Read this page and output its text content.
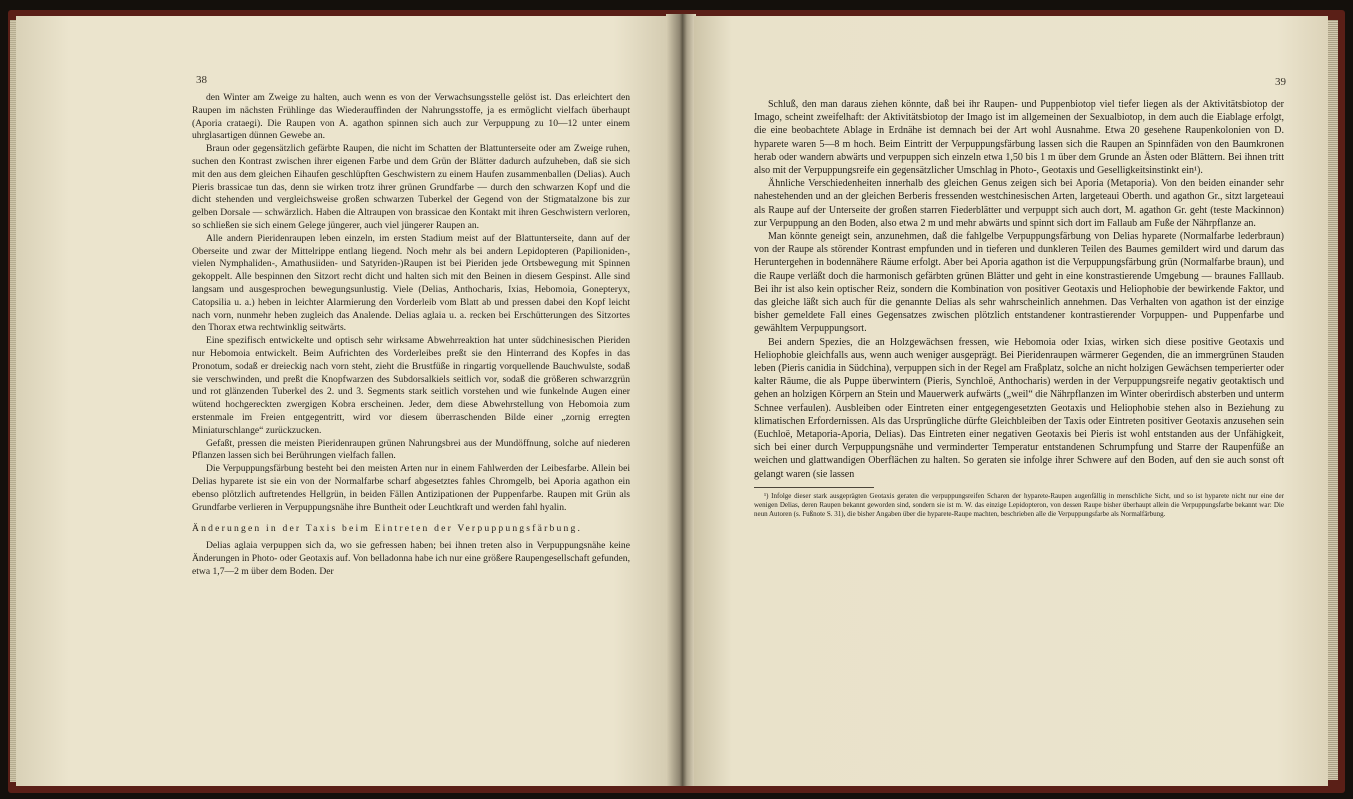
38

den Winter am Zweige zu halten, auch wenn es von der Verwachsungsstelle gelöst ist. Das erleichtert den Raupen im nächsten Frühlinge das Wiederauffinden der Nahrungsstoffe, ja es ermöglicht vielfach überhaupt (Aporia crataegi). Die Raupen von A. agathon spinnen sich auch zur Verpuppung zu 10—12 unter einem uhrglasartigen dünnen Gewebe an.

Braun oder gegensätzlich gefärbte Raupen, die nicht im Schatten der Blattunterseite oder am Zweige ruhen, suchen den Kontrast zwischen ihrer eigenen Farbe und dem Grün der Blätter dadurch aufzuheben, daß sie sich mit den aus dem gleichen Eihaufen geschlüpften Geschwistern zu einem Haufen zusammenballen (Delias). Auch Pieris brassicae tun das, denn sie wirken trotz ihrer grünen Grundfarbe — durch den schwarzen Kopf und die dicht stehenden und vergleichsweise großen schwarzen Tuberkel der Gegend von der Stigmatalzone bis zur gelben Dorsale — schwärzlich. Haben die Altraupen von brassicae den Kontakt mit ihren Geschwistern verloren, so schließen sie sich einem Gelege jüngerer, auch viel jüngerer Raupen an.

Alle andern Pieridenraupen leben einzeln, im ersten Stadium meist auf der Blattunterseite, dann auf der Oberseite und zwar der Mittelrippe entlang liegend. Noch mehr als bei andern Lepidopteren (Papilioniden-, vielen Nymphaliden-, Amathusiiden- und Satyriden-)Raupen ist bei Pieriden jede Ortsbewegung mit Spinnen gekoppelt. Alle bespinnen den Sitzort recht dicht und halten sich mit den Beinen in diesem Gespinst. Alle sind langsam und ausgesprochen bewegungsunlustig. Viele (Delias, Anthocharis, Ixias, Hebomoia, Gonepteryx, Catopsilia u. a.) heben in leichter Alarmierung den Vorderleib vom Blatt ab und pressen dabei den Kopf leicht nach vorn, nunmehr heben zugleich das Analende. Delias aglaia u. a. recken bei Erschütterungen des Sitzortes den Thorax etwa rechtwinklig seitwärts.

Eine spezifisch entwickelte und optisch sehr wirksame Abwehrreaktion hat unter südchinesischen Pieriden nur Hebomoia entwickelt. Beim Aufrichten des Vorderleibes preßt sie den Hinterrand des Kopfes in das Pronotum, sodaß er dreieckig nach vorn steht, zieht die Brustfüße in ringartig vorquellende Bauchwulste, sodaß sie verschwinden, und preßt die Knopfwarzen des Subdorsalkiels seitlich vor, sodaß die größeren schwarzgrün und rot glänzenden Tuberkel des 2. und 3. Segments stark seitlich vorstehen und wie funkelnde Augen einer wütend hochgereckten zwergigen Kobra erscheinen. Jeder, dem diese Abwehrstellung von Hebomoia zum erstenmale im Freien entgegentritt, wird vor diesem überraschenden Bilde einer „zornig erregten Miniaturschlange“ zurückzucken.

Gefaßt, pressen die meisten Pieridenraupen grünen Nahrungsbrei aus der Mundöffnung, solche auf niederen Pflanzen lassen sich bei Berührungen vielfach fallen.

Die Verpuppungsfärbung besteht bei den meisten Arten nur in einem Fahlwerden der Leibesfarbe. Allein bei Delias hyparete ist sie ein von der Normalfarbe scharf abgesetztes fahles Chromgelb, bei Aporia agathon ein ebenso plötzlich auftretendes Hellgrün, in beiden Fällen Antizipationen der Puppenfarbe. Raupen mit Grün als Grundfarbe verlieren in Verpuppungsnähe ihre Buntheit oder Leuchtkraft und werden fahl hyalin.

Änderungen in der Taxis beim Eintreten der Verpuppungsfärbung.

Delias aglaia verpuppen sich da, wo sie gefressen haben; bei ihnen treten also in Verpuppungsnähe keine Änderungen in Photo- oder Geotaxis auf. Von belladonna habe ich nur eine größere Raupengesellschaft gefunden, etwa 1,7—2 m über dem Boden. Der

39

Schluß, den man daraus ziehen könnte, daß bei ihr Raupen- und Puppenbiotop viel tiefer liegen als der Aktivitätsbiotop der Imago, scheint zweifelhaft: der Aktivitätsbiotop der Imago ist im allgemeinen der Sexualbiotop, in dem auch die Eiablage erfolgt, die eine beobachtete Ablage in Erdnähe ist demnach bei der Art wohl Ausnahme. Etwa 20 gesehene Raupenkolonien von D. hyparete waren 5—8 m hoch. Beim Eintritt der Verpuppungsfärbung lassen sich die Raupen an Spinnfäden von den Baumkronen herab oder wandern abwärts und verpuppen sich einzeln etwa 1,50 bis 1 m über dem Grunde an Ästen oder Blättern. Bei ihnen tritt also mit der Verpuppungsreife ein gegensätzlicher Umschlag in Photo-, Geotaxis und Geselligkeitsinstinkt ein¹).

Ähnliche Verschiedenheiten innerhalb des gleichen Genus zeigen sich bei Aporia (Metaporia). Von den beiden einander sehr nahestehenden und an der gleichen Berberis fressenden westchinesischen Arten, largeteaui Oberth. und agathon Gr., sitzt largeteaui als Raupe auf der Unterseite der großen starren Fiederblätter und verpuppt sich auch dort, M. agathon Gr. geht (teste Mackinnon) zur Verpuppung an den Boden, also etwa 2 m und mehr abwärts und spinnt sich dort im Fallaub am Fuße der Nährpflanze an.

Man könnte geneigt sein, anzunehmen, daß die fahlgelbe Verpuppungsfärbung von Delias hyparete (Normalfarbe lederbraun) von der Raupe als störender Kontrast empfunden und in tieferen und dunkleren Teilen des Baumes gemildert wird und darum das Heruntergehen in bodennähere Räume erfolgt. Aber bei Aporia agathon ist die Verpuppungsfärbung grün (Normalfarbe braun), und die Raupe verläßt doch die harmonisch gefärbten grünen Blätter und geht in eine konstrastierende Umgebung — braunes Falllaub. Bei ihr ist also kein optischer Reiz, sondern die Kombination von positiver Geotaxis und Heliophobie der bewirkende Faktor, und das gleiche läßt sich auch für die genannte Delias als sehr wahrscheinlich annehmen. Das Verhalten von agathon ist der einzige bisher gemeldete Fall eines Gegensatzes zwischen plötzlich entstandener kontrastierender Vorpuppen- und Puppenfarbe und gewähltem Verpuppungsort.

Bei andern Spezies, die an Holzgewächsen fressen, wie Hebomoia oder Ixias, wirken sich diese positive Geotaxis und Heliophobie gleichfalls aus, wenn auch weniger ausgeprägt. Bei Pieridenraupen wärmerer Gegenden, die an immergrünen Stauden leben (Pieris canidia in Südchina), verpuppen sich in der Regel am Fraßplatz, solche an nicht holzigen Gewächsen temperierter oder kalter Räume, die als Puppe überwintern (Pieris, Synchloë, Anthocharis) werden in der Verpuppungsreife negativ geotaktisch und gehen an holzigen Körpern an Stein und Mauerwerk aufwärts („weil“ die Nährpflanzen im Winter oberirdisch absterben und unterm Schnee verfaulen). Ausbleiben oder Eintreten einer entgegengesetzten Geotaxis und Heliophobie stehen also in Beziehung zu klimatischen Erfordernissen. Als das Ursprüngliche dürfte Gleichbleiben der Taxis oder Eintreten positiver Geotaxis anzusehen sein (Euchloë, Metaporia-Aporia, Delias). Das Eintreten einer negativen Geotaxis bei Pieris ist wohl entstanden aus der Unfähigkeit, sich bei einer durch Verpuppungsnähe und verminderter Temperatur entstandenen Schrumpfung und Starre der Raupenfüße an weichen und glattwandigen Oberflächen zu halten. So geraten sie infolge ihrer Schwere auf den Boden, auf den sie auch sonst oft gelangt waren (sie lassen

¹) Infolge dieser stark ausgeprägten Geotaxis geraten die verpuppungsreifen Scharen der hyparete-Raupen augenfällig in menschliche Sicht, und so ist hyparete nicht nur eine der wenigen Delias, deren Raupen bekannt geworden sind, sondern sie ist m. W. das einzige Lepidopteron, von dessen Raupe bisher überhaupt allein die Verpuppungsfarbe bekannt war: Die neun Autoren (s. Fußnote S. 31), die bisher Angaben über die hyparete-Raupe machten, beschrieben alle die Verpuppungsfarbe als Normalfärbung.
